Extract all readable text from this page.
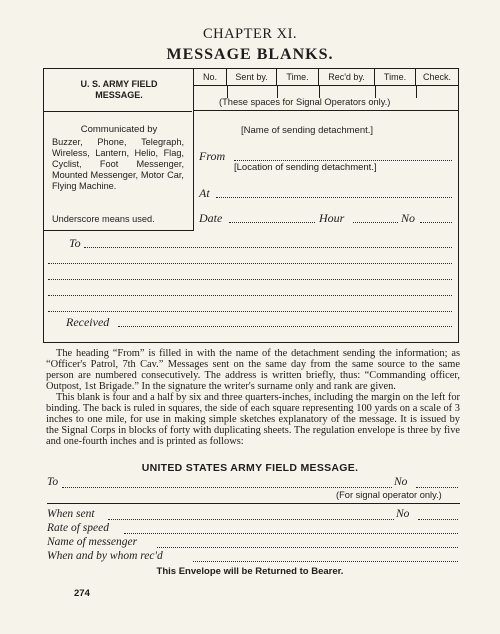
CHAPTER XI.
MESSAGE BLANKS.
U. S. ARMY FIELD
MESSAGE.
Communicated by
Buzzer, Phone, Telegraph, Wireless, Lantern, Helio, Flag, Cyclist, Foot Messenger, Mounted Messenger, Motor Car, Flying Machine.
Underscore means used.
No.	Sent by.	Time.	Rec'd by.	Time.	Check.
(These spaces for Signal Operators only.)
[Name of sending detachment.]
From
[Location of sending detachment.]
At
Date	Hour	No
To
Received

The heading “From” is filled in with the name of the detachment sending the information; as “Officer's Patrol, 7th Cav.” Messages sent on the same day from the same source to the same person are numbered consecutively. The address is written briefly, thus: “Commanding officer, Outpost, 1st Brigade.” In the signature the writer's surname only and rank are given.

This blank is four and a half by six and three quarters-inches, including the margin on the left for binding. The back is ruled in squares, the side of each square representing 100 yards on a scale of 3 inches to one mile, for use in making simple sketches explanatory of the message. It is issued by the Signal Corps in blocks of forty with duplicating sheets. The regulation envelope is three by five and one-fourth inches and is printed as follows:

UNITED STATES ARMY FIELD MESSAGE.
To	No
(For signal operator only.)
When sent	No
Rate of speed
Name of messenger
When and by whom rec'd
This Envelope will be Returned to Bearer.
274
